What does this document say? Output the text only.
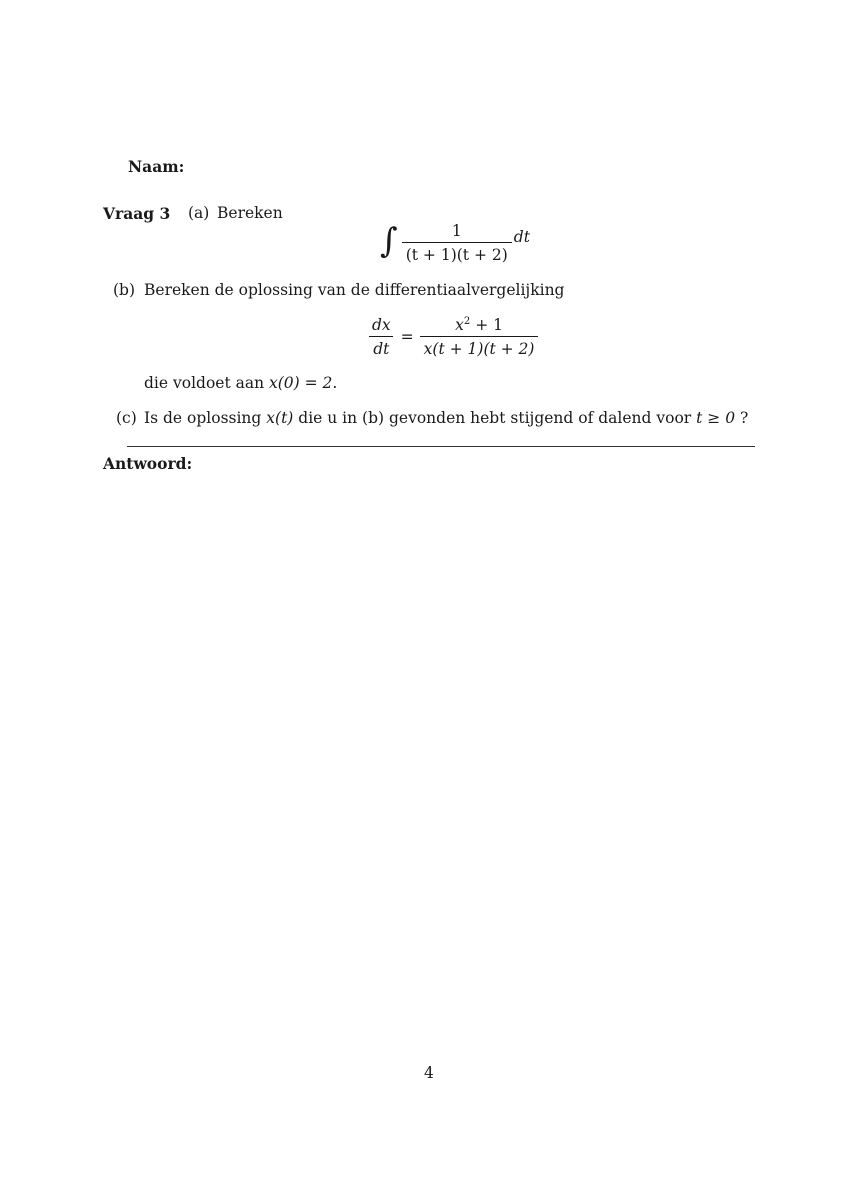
Naam:
Vraag 3 (a) Bereken
∫ $\frac{1}{(t + 1)(t + 2)}$ dt
(b) Bereken de oplossing van de differentiaalvergelijking
$\frac{dx}{dt} = \frac{x^2 + 1}{x(t + 1)(t + 2)}$
die voldoet aan x(0) = 2.
(c) Is de oplossing x(t) die u in (b) gevonden hebt stijgend of dalend voor t ≥ 0 ?
Antwoord:
4
